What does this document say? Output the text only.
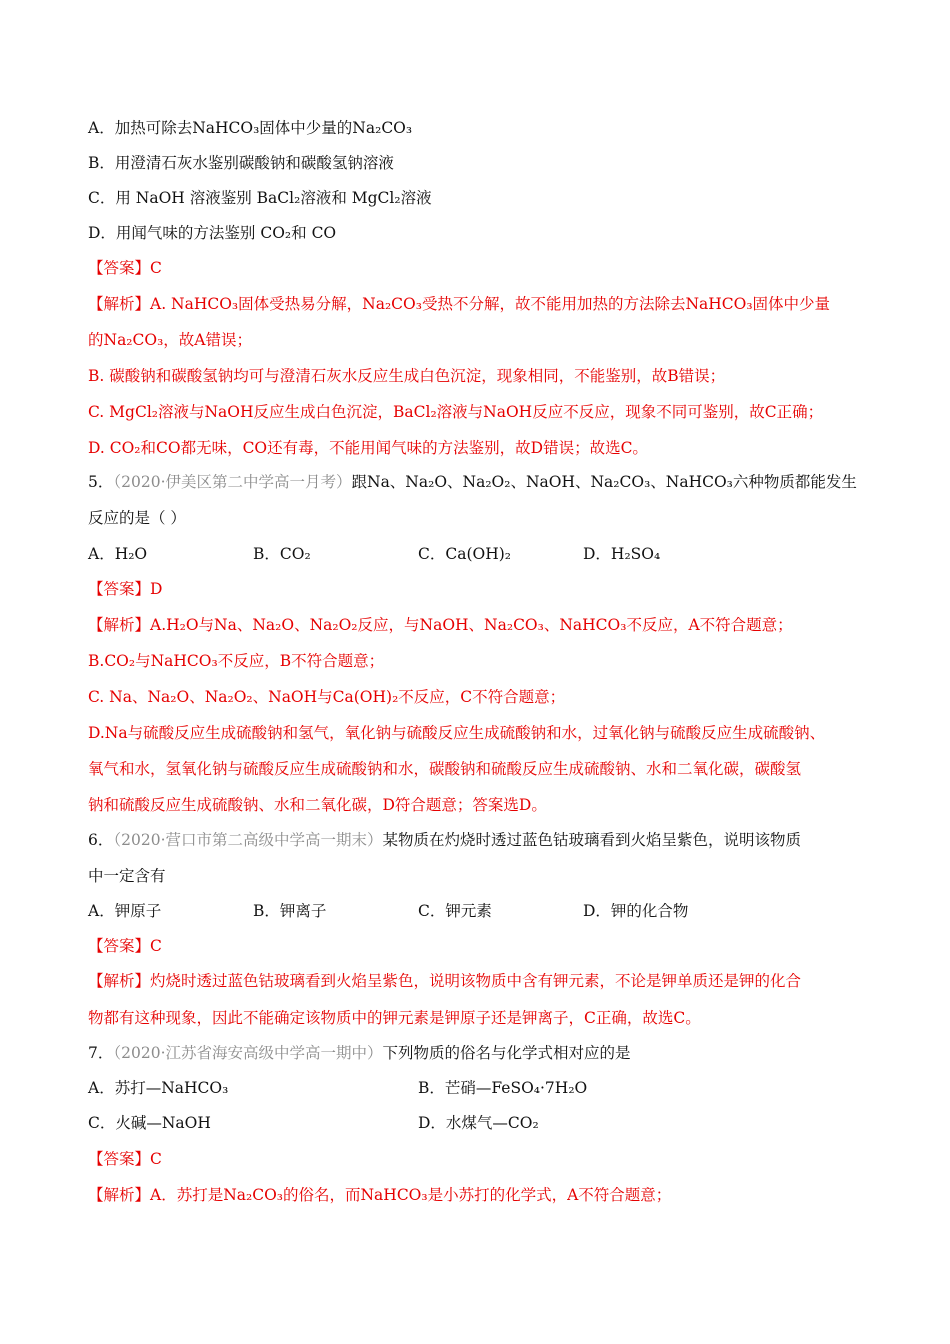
A．加热可除去NaHCO₃固体中少量的Na₂CO₃
B．用澄清石灰水鉴别碳酸钠和碳酸氢钠溶液
C．用 NaOH 溶液鉴别 BaCl₂溶液和 MgCl₂溶液
D．用闻气味的方法鉴别 CO₂和 CO
【答案】C
【解析】A. NaHCO₃固体受热易分解，Na₂CO₃受热不分解，故不能用加热的方法除去NaHCO₃固体中少量
的Na₂CO₃，故A错误；
B. 碳酸钠和碳酸氢钠均可与澄清石灰水反应生成白色沉淀，现象相同，不能鉴别，故B错误；
C. MgCl₂溶液与NaOH反应生成白色沉淀，BaCl₂溶液与NaOH反应不反应，现象不同可鉴别，故C正确；
D. CO₂和CO都无味，CO还有毒，不能用闻气味的方法鉴别，故D错误；故选C。
5．（2020·伊美区第二中学高一月考）跟Na、Na₂O、Na₂O₂、NaOH、Na₂CO₃、NaHCO₃六种物质都能发生
反应的是（ ）
A．H₂O	B．CO₂	C．Ca(OH)₂	D．H₂SO₄
【答案】D
【解析】A.H₂O与Na、Na₂O、Na₂O₂反应，与NaOH、Na₂CO₃、NaHCO₃不反应，A不符合题意；
B.CO₂与NaHCO₃不反应，B不符合题意；
C. Na、Na₂O、Na₂O₂、NaOH与Ca(OH)₂不反应，C不符合题意；
D.Na与硫酸反应生成硫酸钠和氢气，氧化钠与硫酸反应生成硫酸钠和水，过氧化钠与硫酸反应生成硫酸钠、
氧气和水，氢氧化钠与硫酸反应生成硫酸钠和水，碳酸钠和硫酸反应生成硫酸钠、水和二氧化碳，碳酸氢
钠和硫酸反应生成硫酸钠、水和二氧化碳，D符合题意；答案选D。
6．（2020·营口市第二高级中学高一期末）某物质在灼烧时透过蓝色钴玻璃看到火焰呈紫色，说明该物质
中一定含有
A．钾原子	B．钾离子	C．钾元素	D．钾的化合物
【答案】C
【解析】灼烧时透过蓝色钴玻璃看到火焰呈紫色，说明该物质中含有钾元素，不论是钾单质还是钾的化合
物都有这种现象，因此不能确定该物质中的钾元素是钾原子还是钾离子，C正确，故选C。
7．（2020·江苏省海安高级中学高一期中）下列物质的俗名与化学式相对应的是
A．苏打—NaHCO₃	B．芒硝—FeSO₄·7H₂O
C．火碱—NaOH	D．水煤气—CO₂
【答案】C
【解析】A．苏打是Na₂CO₃的俗名，而NaHCO₃是小苏打的化学式，A不符合题意；
